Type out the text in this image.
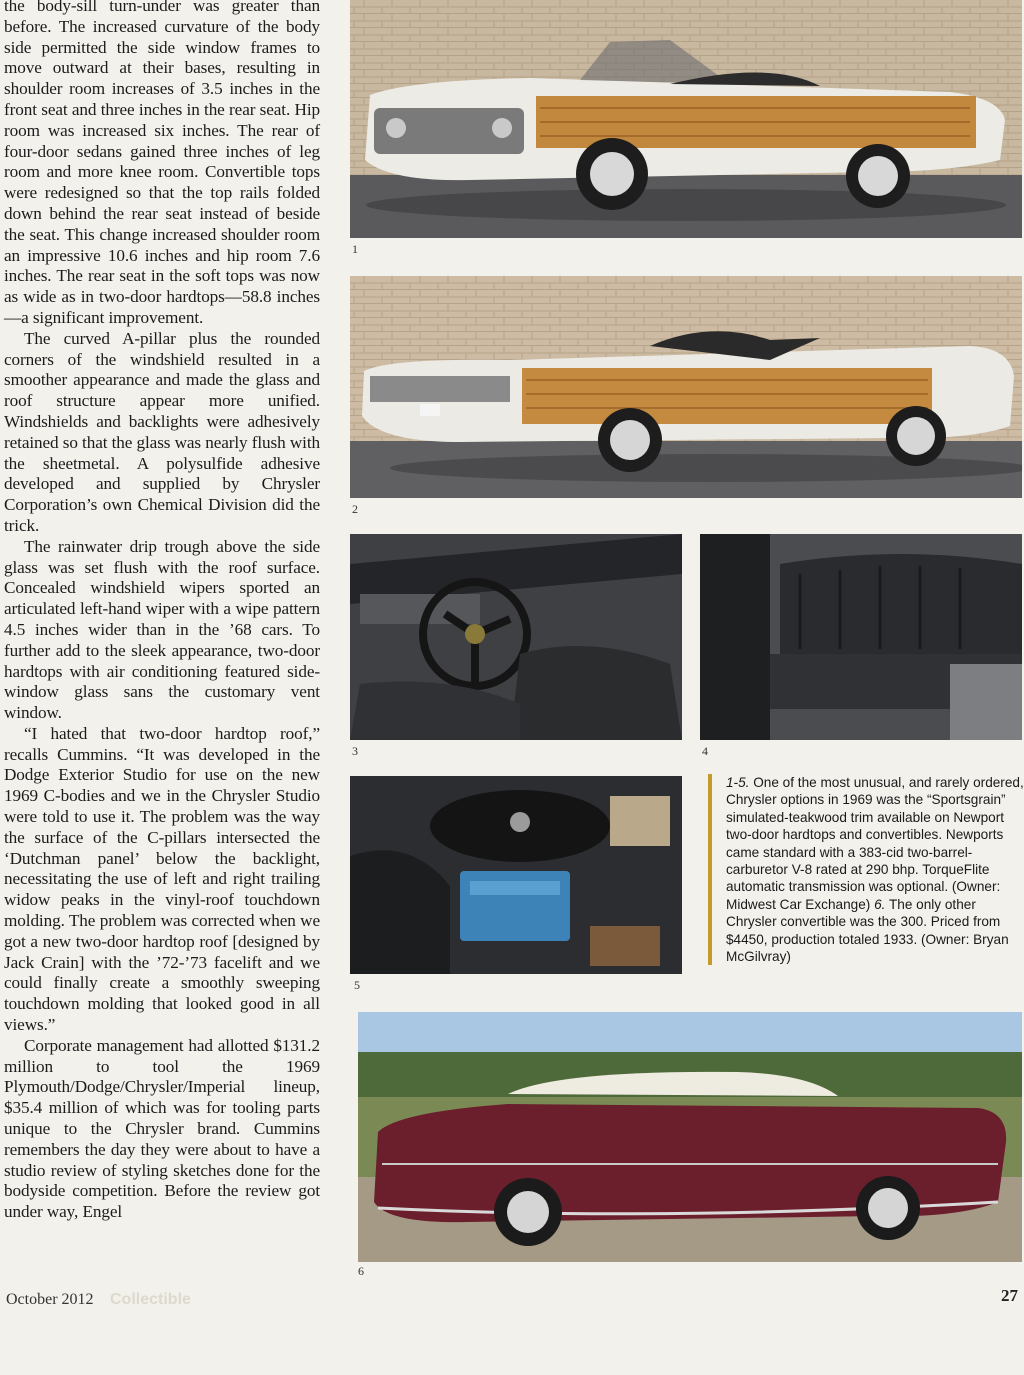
the body-sill turn-under was greater than before. The increased curvature of the body side permitted the side window frames to move outward at their bases, resulting in shoulder room increases of 3.5 inches in the front seat and three inches in the rear seat. Hip room was increased six inches. The rear of four-door sedans gained three inches of leg room and more knee room. Convertible tops were redesigned so that the top rails folded down behind the rear seat instead of beside the seat. This change increased shoulder room an impressive 10.6 inches and hip room 7.6 inches. The rear seat in the soft tops was now as wide as in two-door hardtops—58.8 inches—a significant improvement.

The curved A-pillar plus the rounded corners of the windshield resulted in a smoother appearance and made the glass and roof structure appear more unified. Windshields and backlights were adhesively retained so that the glass was nearly flush with the sheetmetal. A polysulfide adhesive developed and supplied by Chrysler Corporation’s own Chemical Division did the trick.

The rainwater drip trough above the side glass was set flush with the roof surface. Concealed windshield wipers sported an articulated left-hand wiper with a wipe pattern 4.5 inches wider than in the ’68 cars. To further add to the sleek appearance, two-door hardtops with air conditioning featured side-window glass sans the customary vent window.

“I hated that two-door hardtop roof,” recalls Cummins. “It was developed in the Dodge Exterior Studio for use on the new 1969 C-bodies and we in the Chrysler Studio were told to use it. The problem was the way the surface of the C-pillars intersected the ‘Dutchman panel’ below the backlight, necessitating the use of left and right trailing widow peaks in the vinyl-roof touchdown molding. The problem was corrected when we got a new two-door hardtop roof [designed by Jack Crain] with the ’72-’73 facelift and we could finally create a smoothly sweeping touchdown molding that looked good in all views.”

Corporate management had allotted $131.2 million to tool the 1969 Plymouth/Dodge/Chrysler/Imperial lineup, $35.4 million of which was for tooling parts unique to the Chrysler brand. Cummins remembers the day they were about to have a studio review of styling sketches done for the bodyside competition. Before the review got under way, Engel

1
2
3	4
5
1-5. One of the most unusual, and rarely ordered, Chrysler options in 1969 was the “Sportsgrain” simulated-teakwood trim available on Newport two-door hardtops and convertibles. Newports came standard with a 383-cid two-barrel-carburetor V-8 rated at 290 bhp. TorqueFlite automatic transmission was optional. (Owner: Midwest Car Exchange) 6. The only other Chrysler convertible was the 300. Priced from $4450, production totaled 1933. (Owner: Bryan McGilvray)
6
October 2012 Collectible	27
